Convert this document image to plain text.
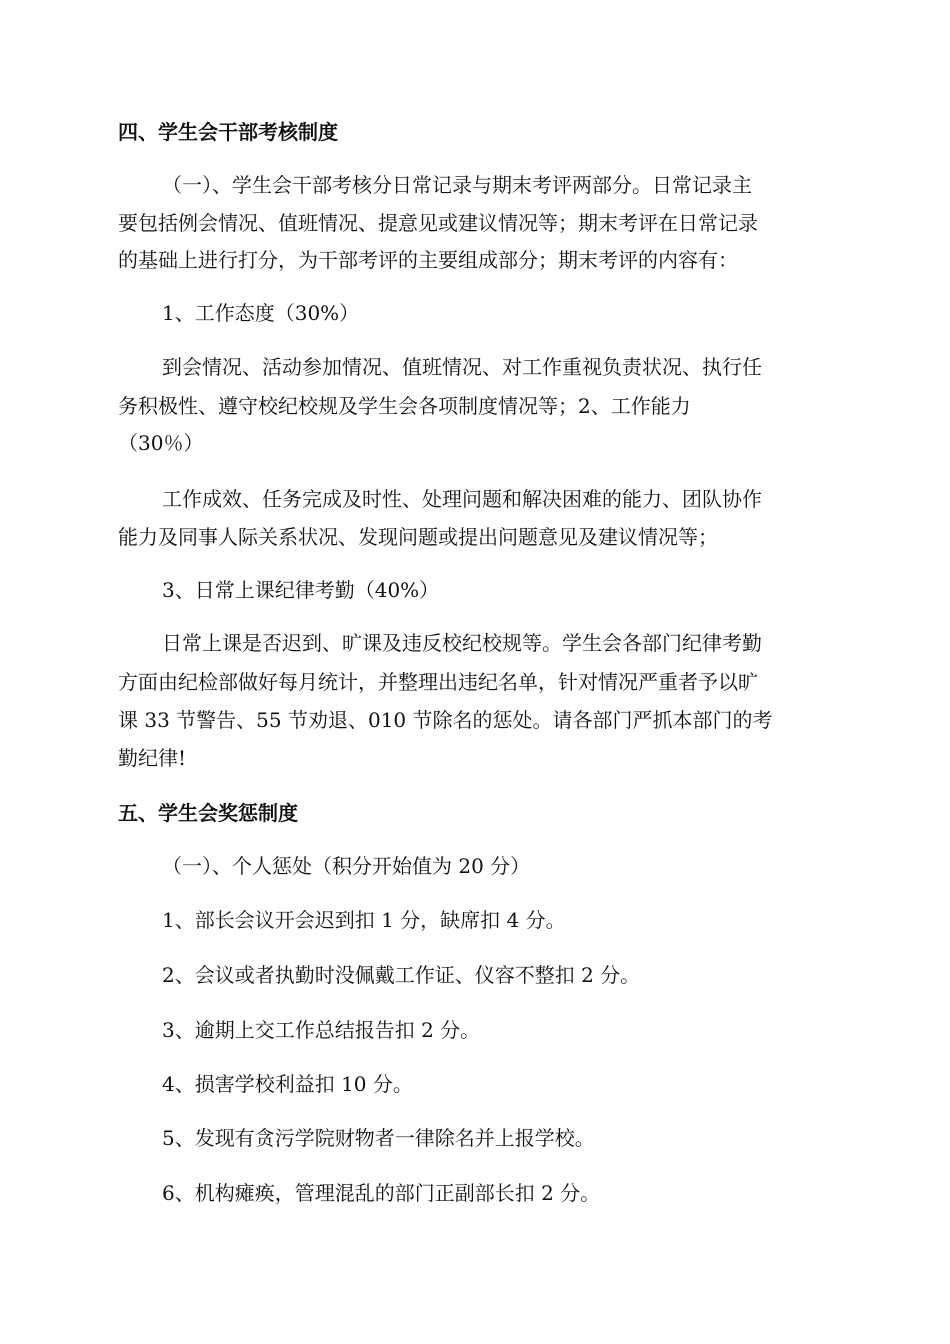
四、学生会干部考核制度
（一）、学生会干部考核分日常记录与期末考评两部分。日常记录主
要包括例会情况、值班情况、提意见或建议情况等；期末考评在日常记录
的基础上进行打分，为干部考评的主要组成部分；期末考评的内容有：
1、工作态度（30%）
到会情况、活动参加情况、值班情况、对工作重视负责状况、执行任
务积极性、遵守校纪校规及学生会各项制度情况等；2、工作能力
（30％）
工作成效、任务完成及时性、处理问题和解决困难的能力、团队协作
能力及同事人际关系状况、发现问题或提出问题意见及建议情况等；
3、日常上课纪律考勤（40%）
日常上课是否迟到、旷课及违反校纪校规等。学生会各部门纪律考勤
方面由纪检部做好每月统计，并整理出违纪名单，针对情况严重者予以旷
课 33 节警告、55 节劝退、010 节除名的惩处。请各部门严抓本部门的考
勤纪律!
五、学生会奖惩制度
（一）、个人惩处（积分开始值为 20 分）
1、部长会议开会迟到扣 1 分，缺席扣 4 分。
2、会议或者执勤时没佩戴工作证、仪容不整扣 2 分。
3、逾期上交工作总结报告扣 2 分。
4、损害学校利益扣 10 分。
5、发现有贪污学院财物者一律除名并上报学校。
6、机构瘫痪，管理混乱的部门正副部长扣 2 分。
